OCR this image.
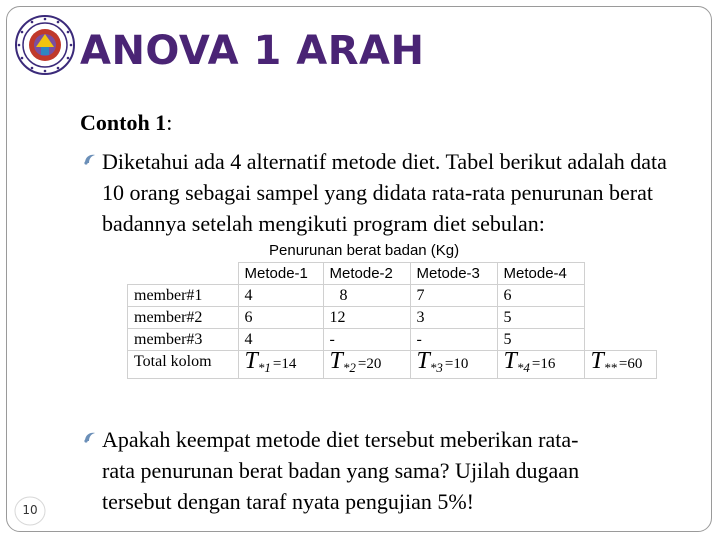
ANOVA 1 ARAH
Contoh 1:
Diketahui ada 4 alternatif metode diet. Tabel berikut adalah data 10 orang sebagai sampel yang didata rata-rata penurunan berat badannya setelah mengikuti program diet sebulan:
Penurunan berat badan (Kg)
	Metode-1	Metode-2	Metode-3	Metode-4	
member#1	4	8	7	6	
member#2	6	12	3	5	
member#3	4	-	-	5	
Total kolom	$T_{*1} =14$	$T_{*2} =20$	$T_{*3} =10$	$T_{*4} =16$	$T_{**} =60$
Apakah keempat metode diet tersebut meberikan rata-
rata penurunan berat badan yang sama? Ujilah dugaan
tersebut dengan taraf nyata pengujian 5%!
10
